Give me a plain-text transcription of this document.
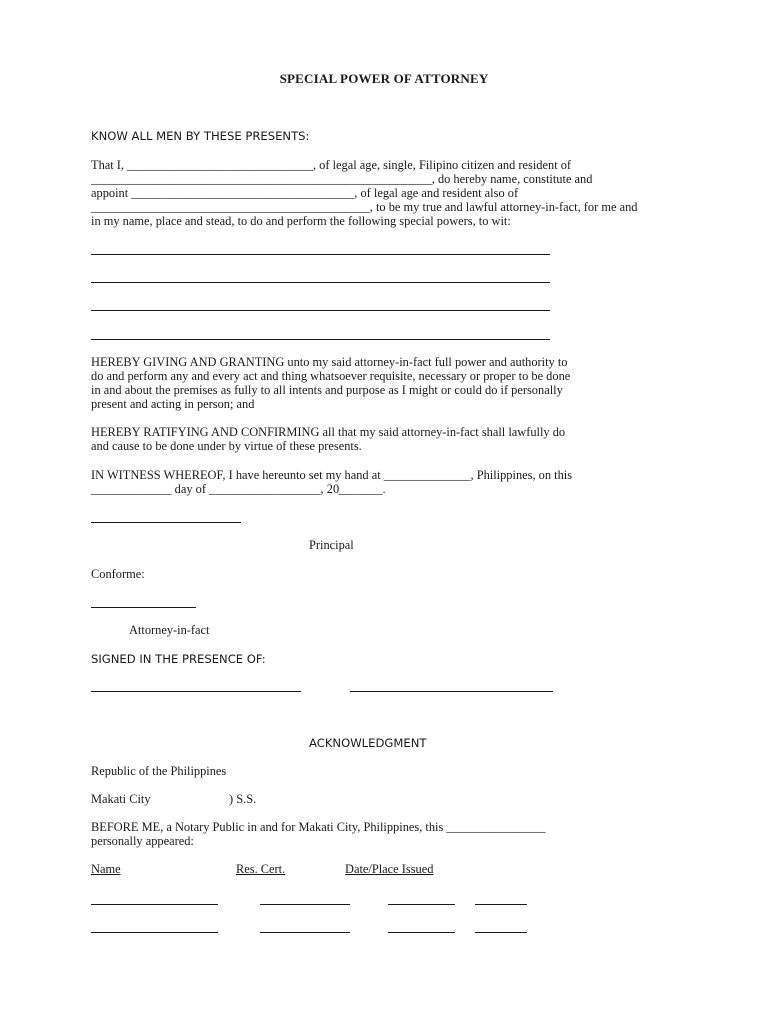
SPECIAL POWER OF ATTORNEY
KNOW ALL MEN BY THESE PRESENTS:
That I, ______________________________, of legal age, single, Filipino citizen and resident of
_______________________________________________________, do hereby name, constitute and
appoint ____________________________________, of legal age and resident also of
_____________________________________________, to be my true and lawful attorney-in-fact, for me and
in my name, place and stead, to do and perform the following special powers, to wit:
HEREBY GIVING AND GRANTING unto my said attorney-in-fact full power and authority to
do and perform any and every act and thing whatsoever requisite, necessary or proper to be done
in and about the premises as fully to all intents and purpose as I might or could do if personally
present and acting in person; and
HEREBY RATIFYING AND CONFIRMING all that my said attorney-in-fact shall lawfully do
and cause to be done under by virtue of these presents.
IN WITNESS WHEREOF, I have hereunto set my hand at ______________, Philippines, on this
_____________ day of __________________, 20_______.
Principal
Conforme:
Attorney-in-fact
SIGNED IN THE PRESENCE OF:
ACKNOWLEDGMENT
Republic of the Philippines
Makati City	) S.S.
BEFORE ME, a Notary Public in and for Makati City, Philippines, this ________________
personally appeared:
Name	Res. Cert.	Date/Place Issued
